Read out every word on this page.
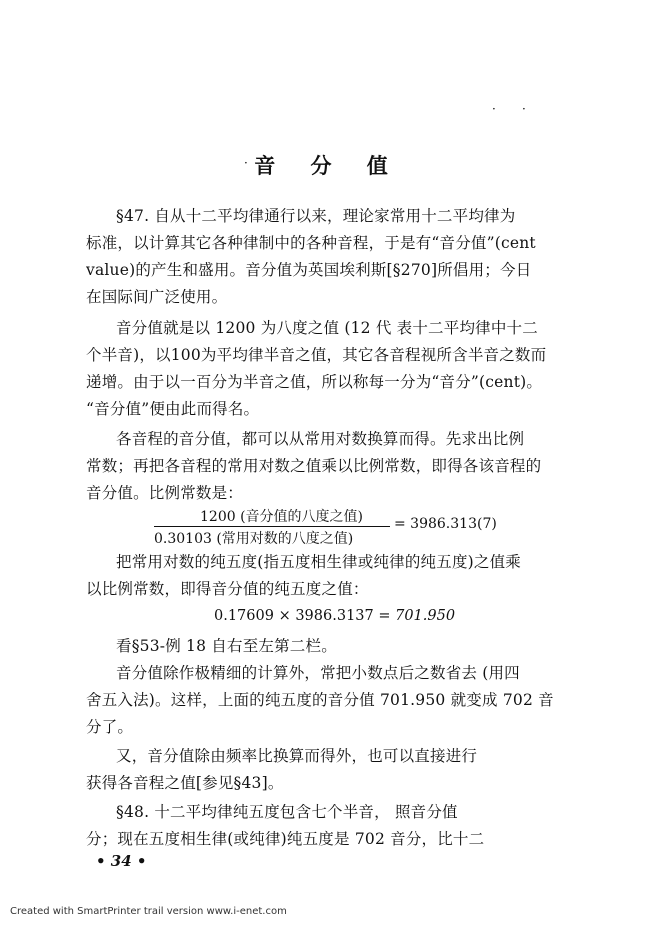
· ·
· 音 分 值
§47. 自从十二平均律通行以来，理论家常用十二平均律为
标准，以计算其它各种律制中的各种音程，于是有“音分值”(cent
value)的产生和盛用。音分值为英国埃利斯[§270]所倡用；今日
在国际间广泛使用。
音分值就是以 1200 为八度之值 (12 代 表十二平均律中十二
个半音)，以100为平均律半音之值，其它各音程视所含半音之数而
递增。由于以一百分为半音之值，所以称每一分为“音分”(cent)。
“音分值”便由此而得名。
各音程的音分值，都可以从常用对数换算而得。先求出比例
常数；再把各音程的常用对数之值乘以比例常数，即得各该音程的
音分值。比例常数是：
1200 (音分值的八度之值)
0.30103 (常用对数的八度之值)
= 3986.313(7)
把常用对数的纯五度(指五度相生律或纯律的纯五度)之值乘
以比例常数，即得音分值的纯五度之值：
0.17609 × 3986.3137 = 701.950
看§53-例 18 自右至左第二栏。
音分值除作极精细的计算外，常把小数点后之数省去 (用四
舍五入法)。这样，上面的纯五度的音分值 701.950 就变成 702 音
分了。
又，音分值除由频率比换算而得外，也可以直接进行
获得各音程之值[参见§43]。
§48. 十二平均律纯五度包含七个半音， 照音分值
分；现在五度相生律(或纯律)纯五度是 702 音分，比十二
• 34 •
Created with SmartPrinter trail version www.i-enet.com
